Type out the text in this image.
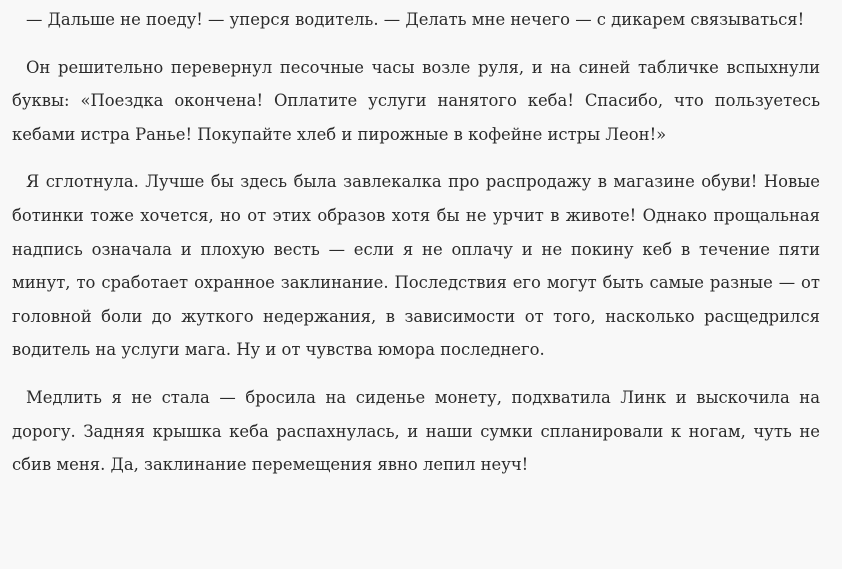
— Дальше не поеду! — уперся водитель. — Делать мне нечего — с дикарем связываться!

Он решительно перевернул песочные часы возле руля, и на синей табличке вспыхнули буквы: «Поездка окончена! Оплатите услуги нанятого кеба! Спасибо, что пользуетесь кебами истра Ранье! Покупайте хлеб и пирожные в кофейне истры Леон!»

Я сглотнула. Лучше бы здесь была завлекалка про распродажу в магазине обуви! Новые ботинки тоже хочется, но от этих образов хотя бы не урчит в животе! Однако прощальная надпись означала и плохую весть — если я не оплачу и не покину кеб в течение пяти минут, то сработает охранное заклинание. Последствия его могут быть самые разные — от головной боли до жуткого недержания, в зависимости от того, насколько расщедрился водитель на услуги мага. Ну и от чувства юмора последнего.

Медлить я не стала — бросила на сиденье монету, подхватила Линк и выскочила на дорогу. Задняя крышка кеба распахнулась, и наши сумки спланировали к ногам, чуть не сбив меня. Да, заклинание перемещения явно лепил неуч!
